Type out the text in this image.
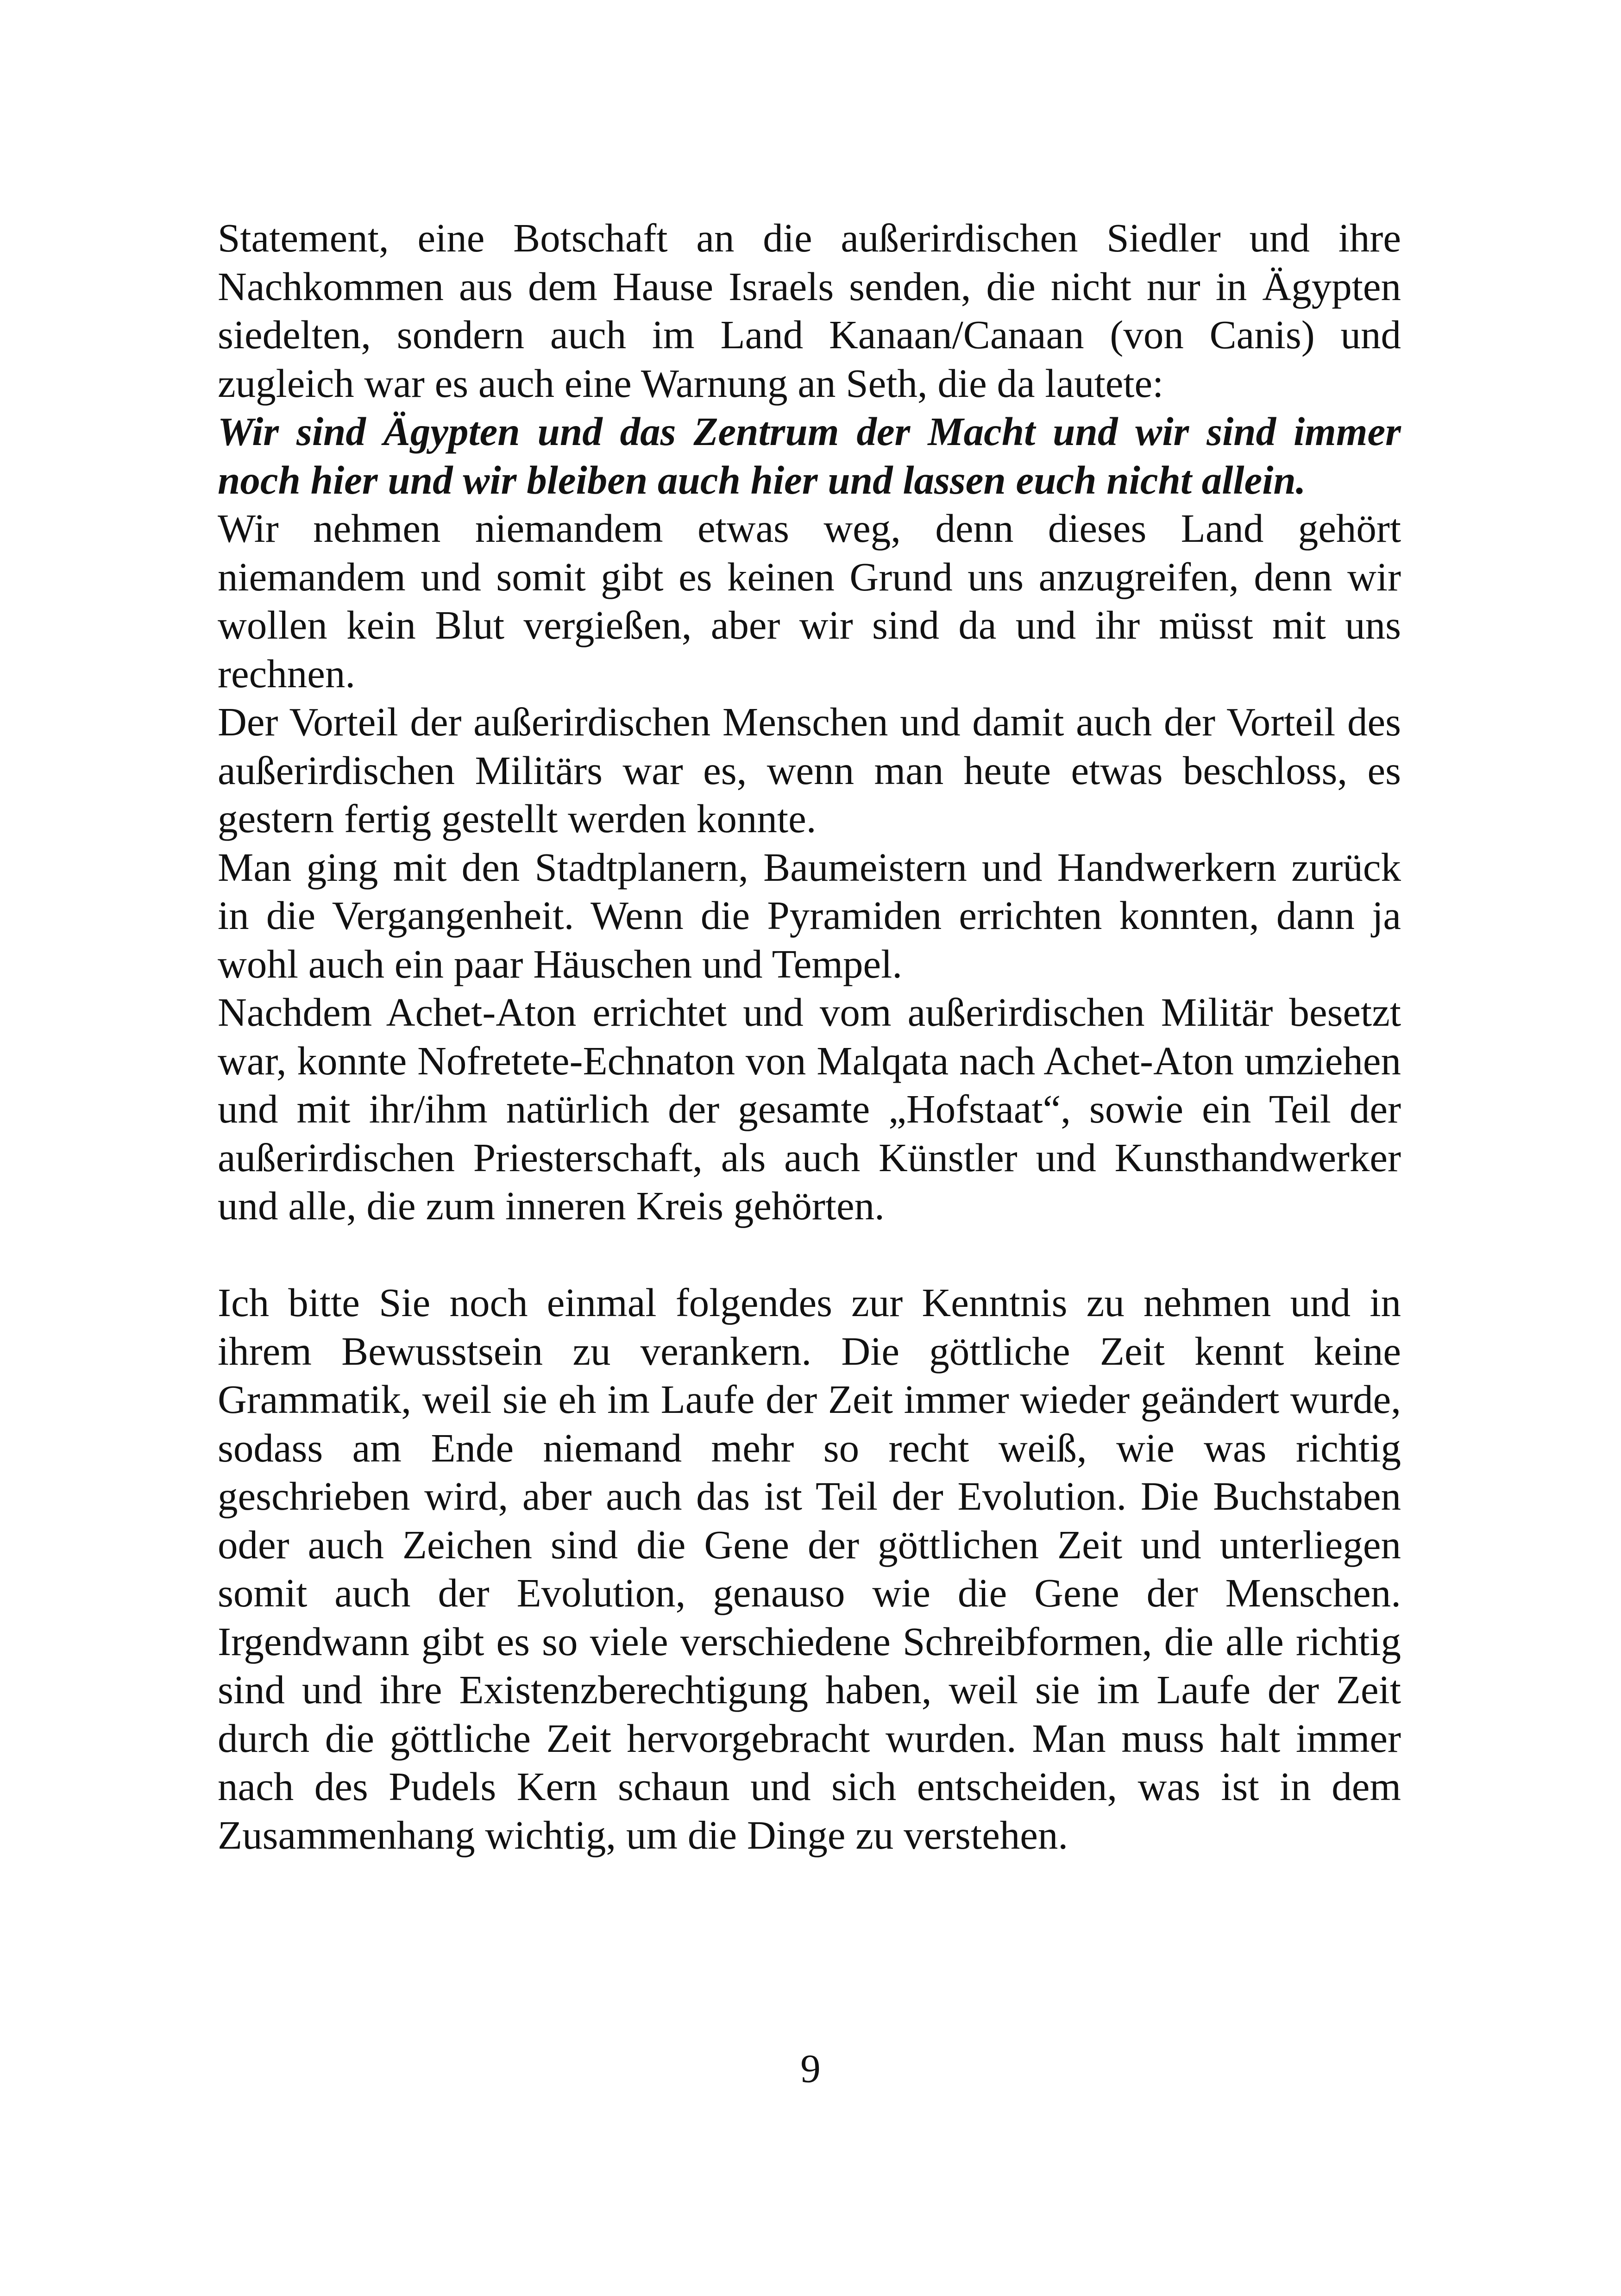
Statement, eine Botschaft an die außerirdischen Siedler und ihre Nachkommen aus dem Hause Israels senden, die nicht nur in Ägypten siedelten, sondern auch im Land Kanaan/Canaan (von Canis) und zugleich war es auch eine Warnung an Seth, die da lautete:

Wir sind Ägypten und das Zentrum der Macht und wir sind immer noch hier und wir bleiben auch hier und lassen euch nicht allein.

Wir nehmen niemandem etwas weg, denn dieses Land gehört niemandem und somit gibt es keinen Grund uns anzugreifen, denn wir wollen kein Blut vergießen, aber wir sind da und ihr müsst mit uns rechnen.

Der Vorteil der außerirdischen Menschen und damit auch der Vorteil des außerirdischen Militärs war es, wenn man heute etwas beschloss, es gestern fertig gestellt werden konnte.

Man ging mit den Stadtplanern, Baumeistern und Handwerkern zurück in die Vergangenheit. Wenn die Pyramiden errichten konnten, dann ja wohl auch ein paar Häuschen und Tempel.

Nachdem Achet-Aton errichtet und vom außerirdischen Militär besetzt war, konnte Nofretete-Echnaton von Malqata nach Achet-Aton umziehen und mit ihr/ihm natürlich der gesamte „Hofstaat“, sowie ein Teil der außerirdischen Priesterschaft, als auch Künstler und Kunsthandwerker und alle, die zum inneren Kreis gehörten.

Ich bitte Sie noch einmal folgendes zur Kenntnis zu nehmen und in ihrem Bewusstsein zu verankern. Die göttliche Zeit kennt keine Grammatik, weil sie eh im Laufe der Zeit immer wieder geändert wurde, sodass am Ende niemand mehr so recht weiß, wie was richtig geschrieben wird, aber auch das ist Teil der Evolution. Die Buchstaben oder auch Zeichen sind die Gene der göttlichen Zeit und unterliegen somit auch der Evolution, genauso wie die Gene der Menschen. Irgendwann gibt es so viele verschiedene Schreibformen, die alle richtig sind und ihre Existenzberechtigung haben, weil sie im Laufe der Zeit durch die göttliche Zeit hervorgebracht wurden. Man muss halt immer nach des Pudels Kern schaun und sich entscheiden, was ist in dem Zusammenhang wichtig, um die Dinge zu verstehen.

9
